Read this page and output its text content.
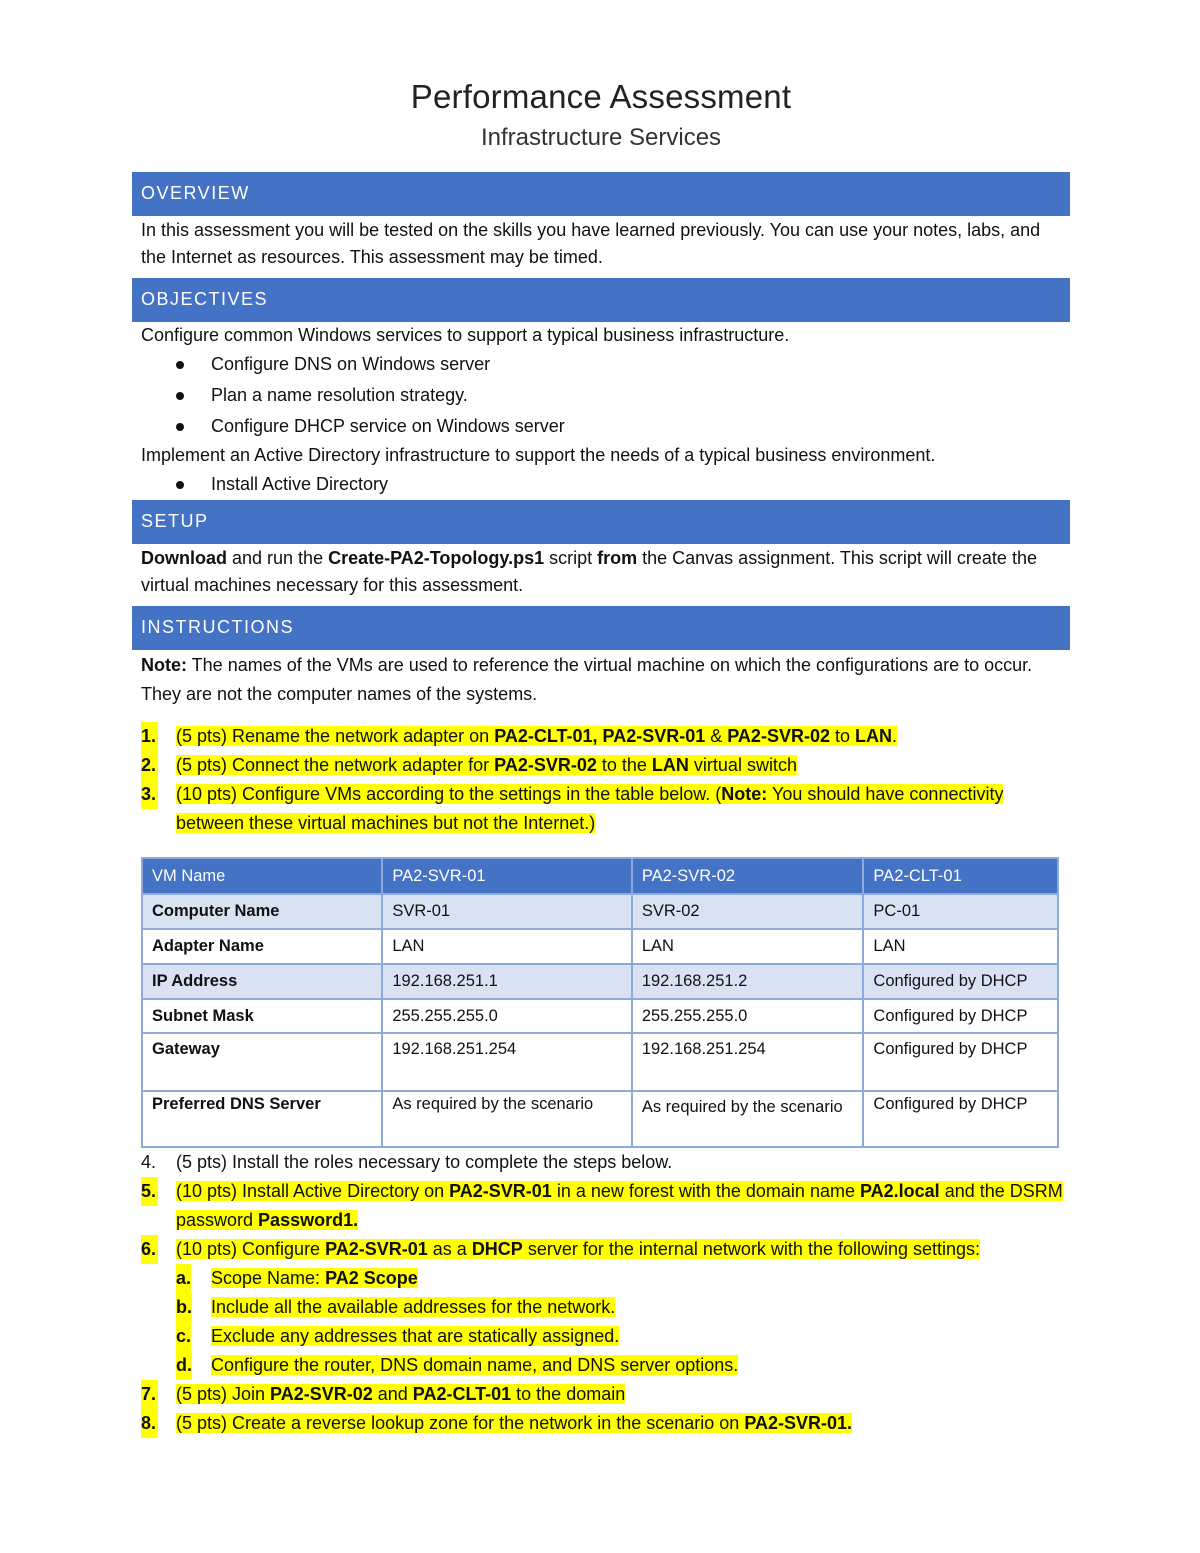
Performance Assessment
Infrastructure Services
OVERVIEW
In this assessment you will be tested on the skills you have learned previously. You can use your notes, labs, and the Internet as resources. This assessment may be timed.
OBJECTIVES
Configure common Windows services to support a typical business infrastructure.
Configure DNS on Windows server
Plan a name resolution strategy.
Configure DHCP service on Windows server
Implement an Active Directory infrastructure to support the needs of a typical business environment.
Install Active Directory
SETUP
Download and run the Create-PA2-Topology.ps1 script from the Canvas assignment. This script will create the virtual machines necessary for this assessment.
INSTRUCTIONS
Note: The names of the VMs are used to reference the virtual machine on which the configurations are to occur. They are not the computer names of the systems.
1. (5 pts) Rename the network adapter on PA2-CLT-01, PA2-SVR-01 & PA2-SVR-02 to LAN.
2. (5 pts) Connect the network adapter for PA2-SVR-02 to the LAN virtual switch
3. (10 pts) Configure VMs according to the settings in the table below. (Note: You should have connectivity between these virtual machines but not the Internet.)
VM Name	PA2-SVR-01	PA2-SVR-02	PA2-CLT-01
Computer Name	SVR-01	SVR-02	PC-01
Adapter Name	LAN	LAN	LAN
IP Address	192.168.251.1	192.168.251.2	Configured by DHCP
Subnet Mask	255.255.255.0	255.255.255.0	Configured by DHCP
Gateway	192.168.251.254	192.168.251.254	Configured by DHCP
Preferred DNS Server	As required by the scenario	As required by the scenario	Configured by DHCP
4. (5 pts) Install the roles necessary to complete the steps below.
5. (10 pts) Install Active Directory on PA2-SVR-01 in a new forest with the domain name PA2.local and the DSRM password Password1.
6. (10 pts) Configure PA2-SVR-01 as a DHCP server for the internal network with the following settings:
a. Scope Name: PA2 Scope
b. Include all the available addresses for the network.
c. Exclude any addresses that are statically assigned.
d. Configure the router, DNS domain name, and DNS server options.
7. (5 pts) Join PA2-SVR-02 and PA2-CLT-01 to the domain
8. (5 pts) Create a reverse lookup zone for the network in the scenario on PA2-SVR-01.
